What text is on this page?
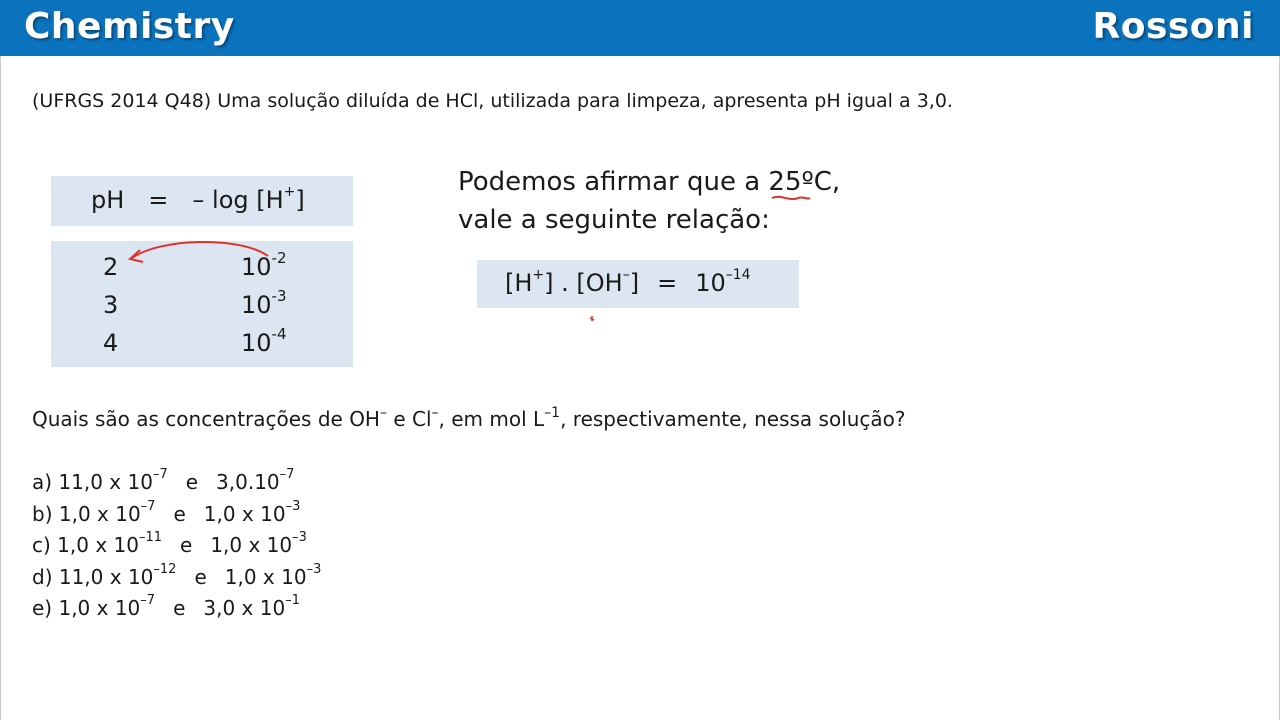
Chemistry	Rossoni
(UFRGS 2014 Q48) Uma solução diluída de HCl, utilizada para limpeza, apresenta pH igual a 3,0.
pH = – log [H+]
2	$10^{-2}$
3	$10^{-3}$
4	$10^{-4}$
Podemos afirmar que a 25ºC,
vale a seguinte relação:
[H+] . $[OH^-] = 10^{-14}$
Quais são as concentrações de OH– e Cl–, em mol $L^{-1}$, respectivamente, nessa solução?
a) 11,0 x $10^{-7}$ e $3,0.10^{-7}$
b) 1,0 x $10^{-7}$ e 1,0 x $10^{-3}$
c) 1,0 x $10^{-11}$ e 1,0 x $10^{-3}$
d) 11,0 x $10^{-12}$ e 1,0 x $10^{-3}$
e) 1,0 x $10^{-7}$ e 3,0 x $10^{-1}$
